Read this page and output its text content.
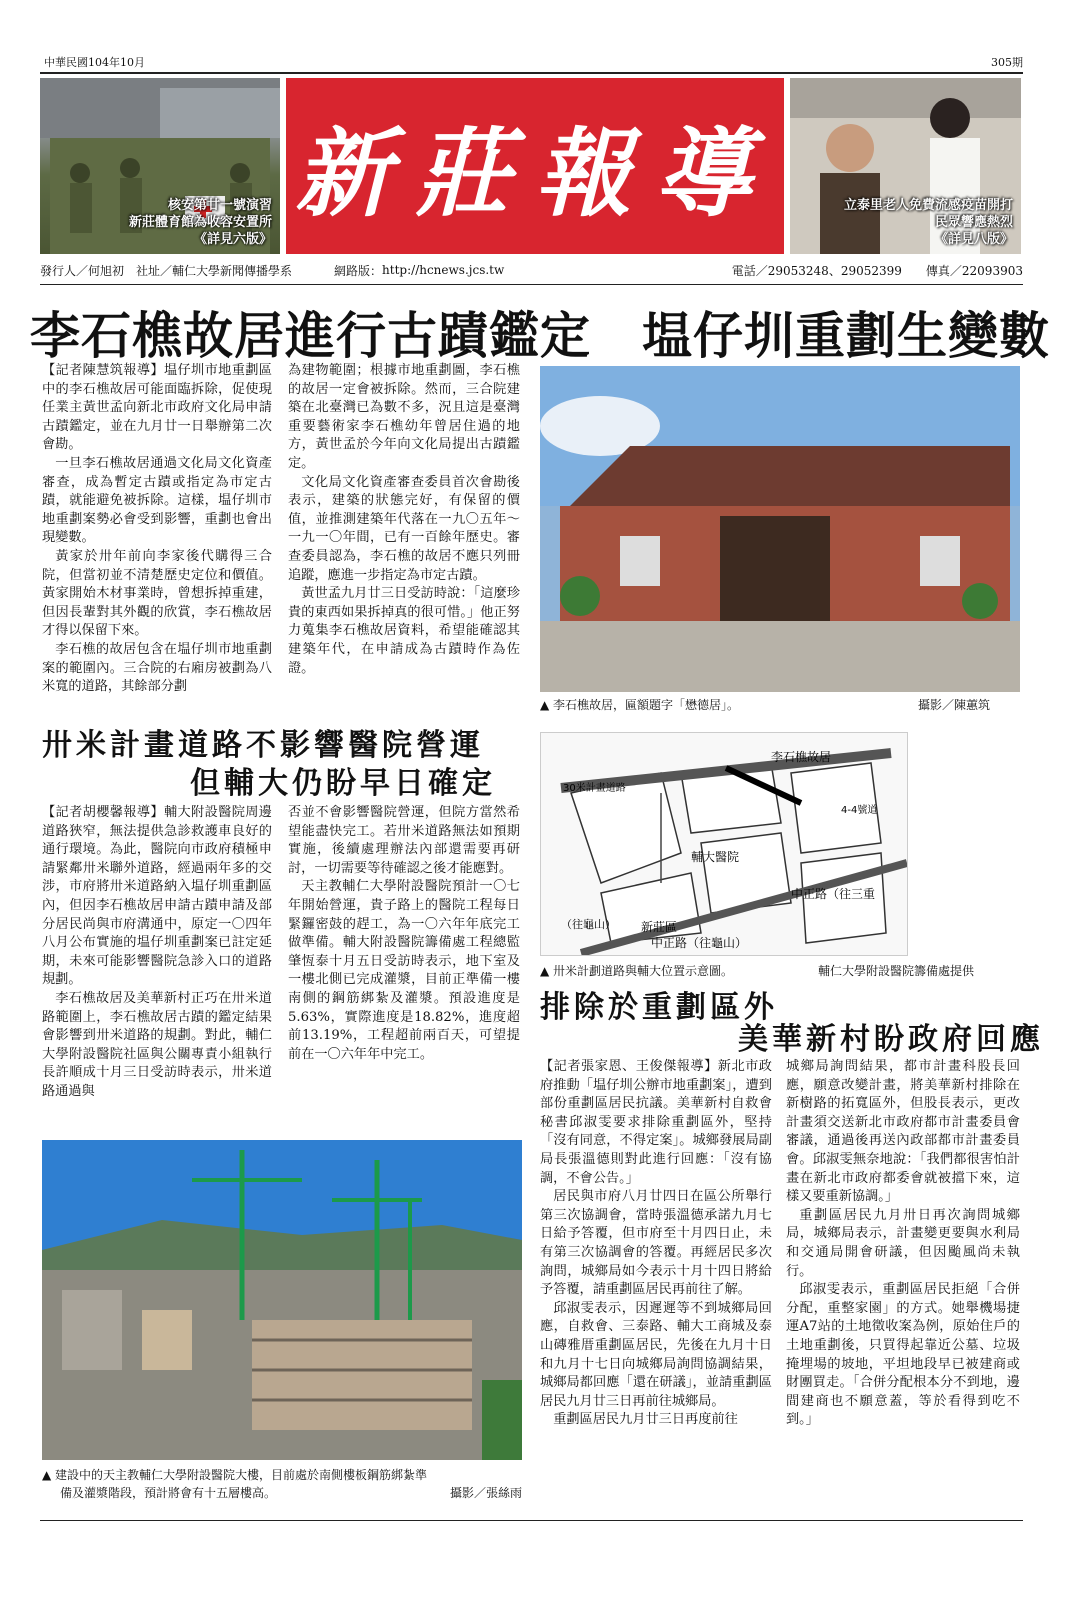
中華民國104年10月	305期
核安第廿一號演習
新莊體育館為收容安置所
《詳見六版》
新莊報導	立泰里老人免費流感疫苗開打
民眾響應熱烈
《詳見八版》
發行人／何旭初 社址／輔仁大學新聞傳播學系	網路版： http://hcnews.jcs.tw	電話／29053248、29052399 傳真／22093903
李石樵故居進行古蹟鑑定　塭仔圳重劃生變數

【記者陳慧筑報導】塭仔圳市地重劃區中的李石樵故居可能面臨拆除，促使現任業主黃世孟向新北市政府文化局申請古蹟鑑定，並在九月廿一日舉辦第二次會勘。

一旦李石樵故居通過文化局文化資產審查，成為暫定古蹟或指定為市定古蹟，就能避免被拆除。這樣，塭仔圳市地重劃案勢必會受到影響，重劃也會出現變數。

黃家於卅年前向李家後代購得三合院，但當初並不清楚歷史定位和價值。黃家開始木材事業時，曾想拆掉重建，但因長輩對其外觀的欣賞，李石樵故居才得以保留下來。

李石樵的故居包含在塭仔圳市地重劃案的範圍內。三合院的右廂房被劃為八米寬的道路，其餘部分劃

為建物範圍；根據市地重劃圖，李石樵的故居一定會被拆除。然而，三合院建築在北臺灣已為數不多，況且這是臺灣重要藝術家李石樵幼年曾居住過的地方，黃世孟於今年向文化局提出古蹟鑑定。

文化局文化資產審查委員首次會勘後表示，建築的狀態完好，有保留的價值，並推測建築年代落在一九〇五年～一九一〇年間，已有一百餘年歷史。審查委員認為，李石樵的故居不應只列冊追蹤，應進一步指定為市定古蹟。

黃世孟九月廿三日受訪時說：「這麼珍貴的東西如果拆掉真的很可惜。」他正努力蒐集李石樵故居資料，希望能確認其建築年代，在申請成為古蹟時作為佐證。

▲ 李石樵故居，匾額題字「懋德居」。	攝影／陳蕙筑
卅米計畫道路不影響醫院營運
但輔大仍盼早日確定

【記者胡櫻馨報導】輔大附設醫院周邊道路狹窄，無法提供急診救護車良好的通行環境。為此，醫院向市政府積極申請緊鄰卅米聯外道路，經過兩年多的交涉，市府將卅米道路納入塭仔圳重劃區內，但因李石樵故居申請古蹟申請及部分居民尚與市府溝通中，原定一〇四年八月公布實施的塭仔圳重劃案已註定延期，未來可能影響醫院急診入口的道路規劃。

李石樵故居及美華新村正巧在卅米道路範圍上，李石樵故居古蹟的鑑定結果會影響到卅米道路的規劃。對此，輔仁大學附設醫院社區與公關專責小組執行長許順成十月三日受訪時表示，卅米道路通過與

否並不會影響醫院營運，但院方當然希望能盡快完工。若卅米道路無法如預期實施，後續處理辦法內部還需要再研討，一切需要等待確認之後才能應對。

天主教輔仁大學附設醫院預計一〇七年開始營運，貴子路上的醫院工程每日緊鑼密鼓的趕工，為一〇六年年底完工做準備。輔大附設醫院籌備處工程總監肇恆泰十月五日受訪時表示，地下室及一樓北側已完成灌漿，目前正準備一樓南側的鋼筋綁紮及灌漿。預設進度是5.63%，實際進度是18.82%，進度超前13.19%，工程超前兩百天，可望提前在一〇六年年中完工。

▲ 建設中的天主教輔仁大學附設醫院大樓，目前處於南側樓板鋼筋綁紮準
備及灌漿階段，預計將會有十五層樓高。	攝影／張絲雨
李石樵故居
30米計畫道路
4-4號道
輔大醫院
中正路（往三重
新莊區
中正路（往龜山）
（往龜山）
▲ 卅米計劃道路與輔大位置示意圖。	輔仁大學附設醫院籌備處提供
排除於重劃區外
美華新村盼政府回應

【記者張家恩、王俊傑報導】新北市政府推動「塭仔圳公辦市地重劃案」，遭到部份重劃區居民抗議。美華新村自救會秘書邱淑雯要求排除重劃區外，堅持「沒有同意，不得定案」。城鄉發展局副局長張溫德則對此進行回應：「沒有協調，不會公告。」

居民與市府八月廿四日在區公所舉行第三次協調會，當時張溫德承諾九月七日給予答覆，但市府至十月四日止，未有第三次協調會的答覆。再經居民多次詢問，城鄉局如今表示十月十四日將給予答覆，請重劃區居民再前往了解。

邱淑雯表示，因遲遲等不到城鄉局回應，自救會、三泰路、輔大工商城及泰山磚雅厝重劃區居民，先後在九月十日和九月十七日向城鄉局詢問協調結果，城鄉局都回應「還在研議」，並請重劃區居民九月廿三日再前往城鄉局。

重劃區居民九月廿三日再度前往

城鄉局詢問結果，都市計畫科股長回應，願意改變計畫，將美華新村排除在新樹路的拓寬區外，但股長表示，更改計畫須交送新北市政府都市計畫委員會審議，通過後再送內政部都市計畫委員會。邱淑雯無奈地說：「我們都很害怕計畫在新北市政府都委會就被擋下來，這樣又要重新協調。」

重劃區居民九月卅日再次詢問城鄉局，城鄉局表示，計畫變更要與水利局和交通局開會研議，但因颱風尚未執行。

邱淑雯表示，重劃區居民拒絕「合併分配，重整家園」的方式。她舉機場捷運A7站的土地徵收案為例，原始住戶的土地重劃後，只買得起靠近公墓、垃圾掩埋場的坡地，平坦地段早已被建商或財團買走。「合併分配根本分不到地，邊間建商也不願意蓋，等於看得到吃不到。」
